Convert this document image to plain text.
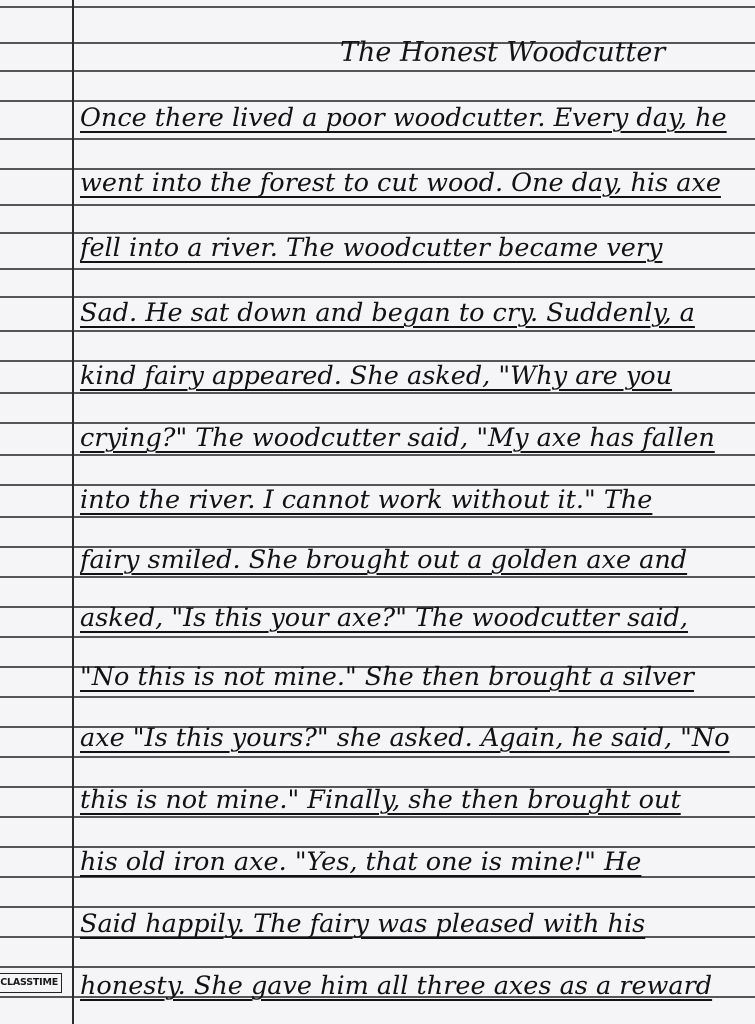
The Honest Woodcutter
Once there lived a poor woodcutter. Every day, he
went into the forest to cut wood. One day, his axe
fell into a river. The woodcutter became very
Sad. He sat down and began to cry. Suddenly, a
kind fairy appeared. She asked, "Why are you
crying?" The woodcutter said, "My axe has fallen
into the river. I cannot work without it." The
fairy smiled. She brought out a golden axe and
asked, "Is this your axe?" The woodcutter said,
"No this is not mine." She then brought a silver
axe "Is this yours?" she asked. Again, he said, "No
this is not mine." Finally, she then brought out
his old iron axe. "Yes, that one is mine!" He
Said happily. The fairy was pleased with his
honesty. She gave him all three axes as a reward
CLASSTIME
